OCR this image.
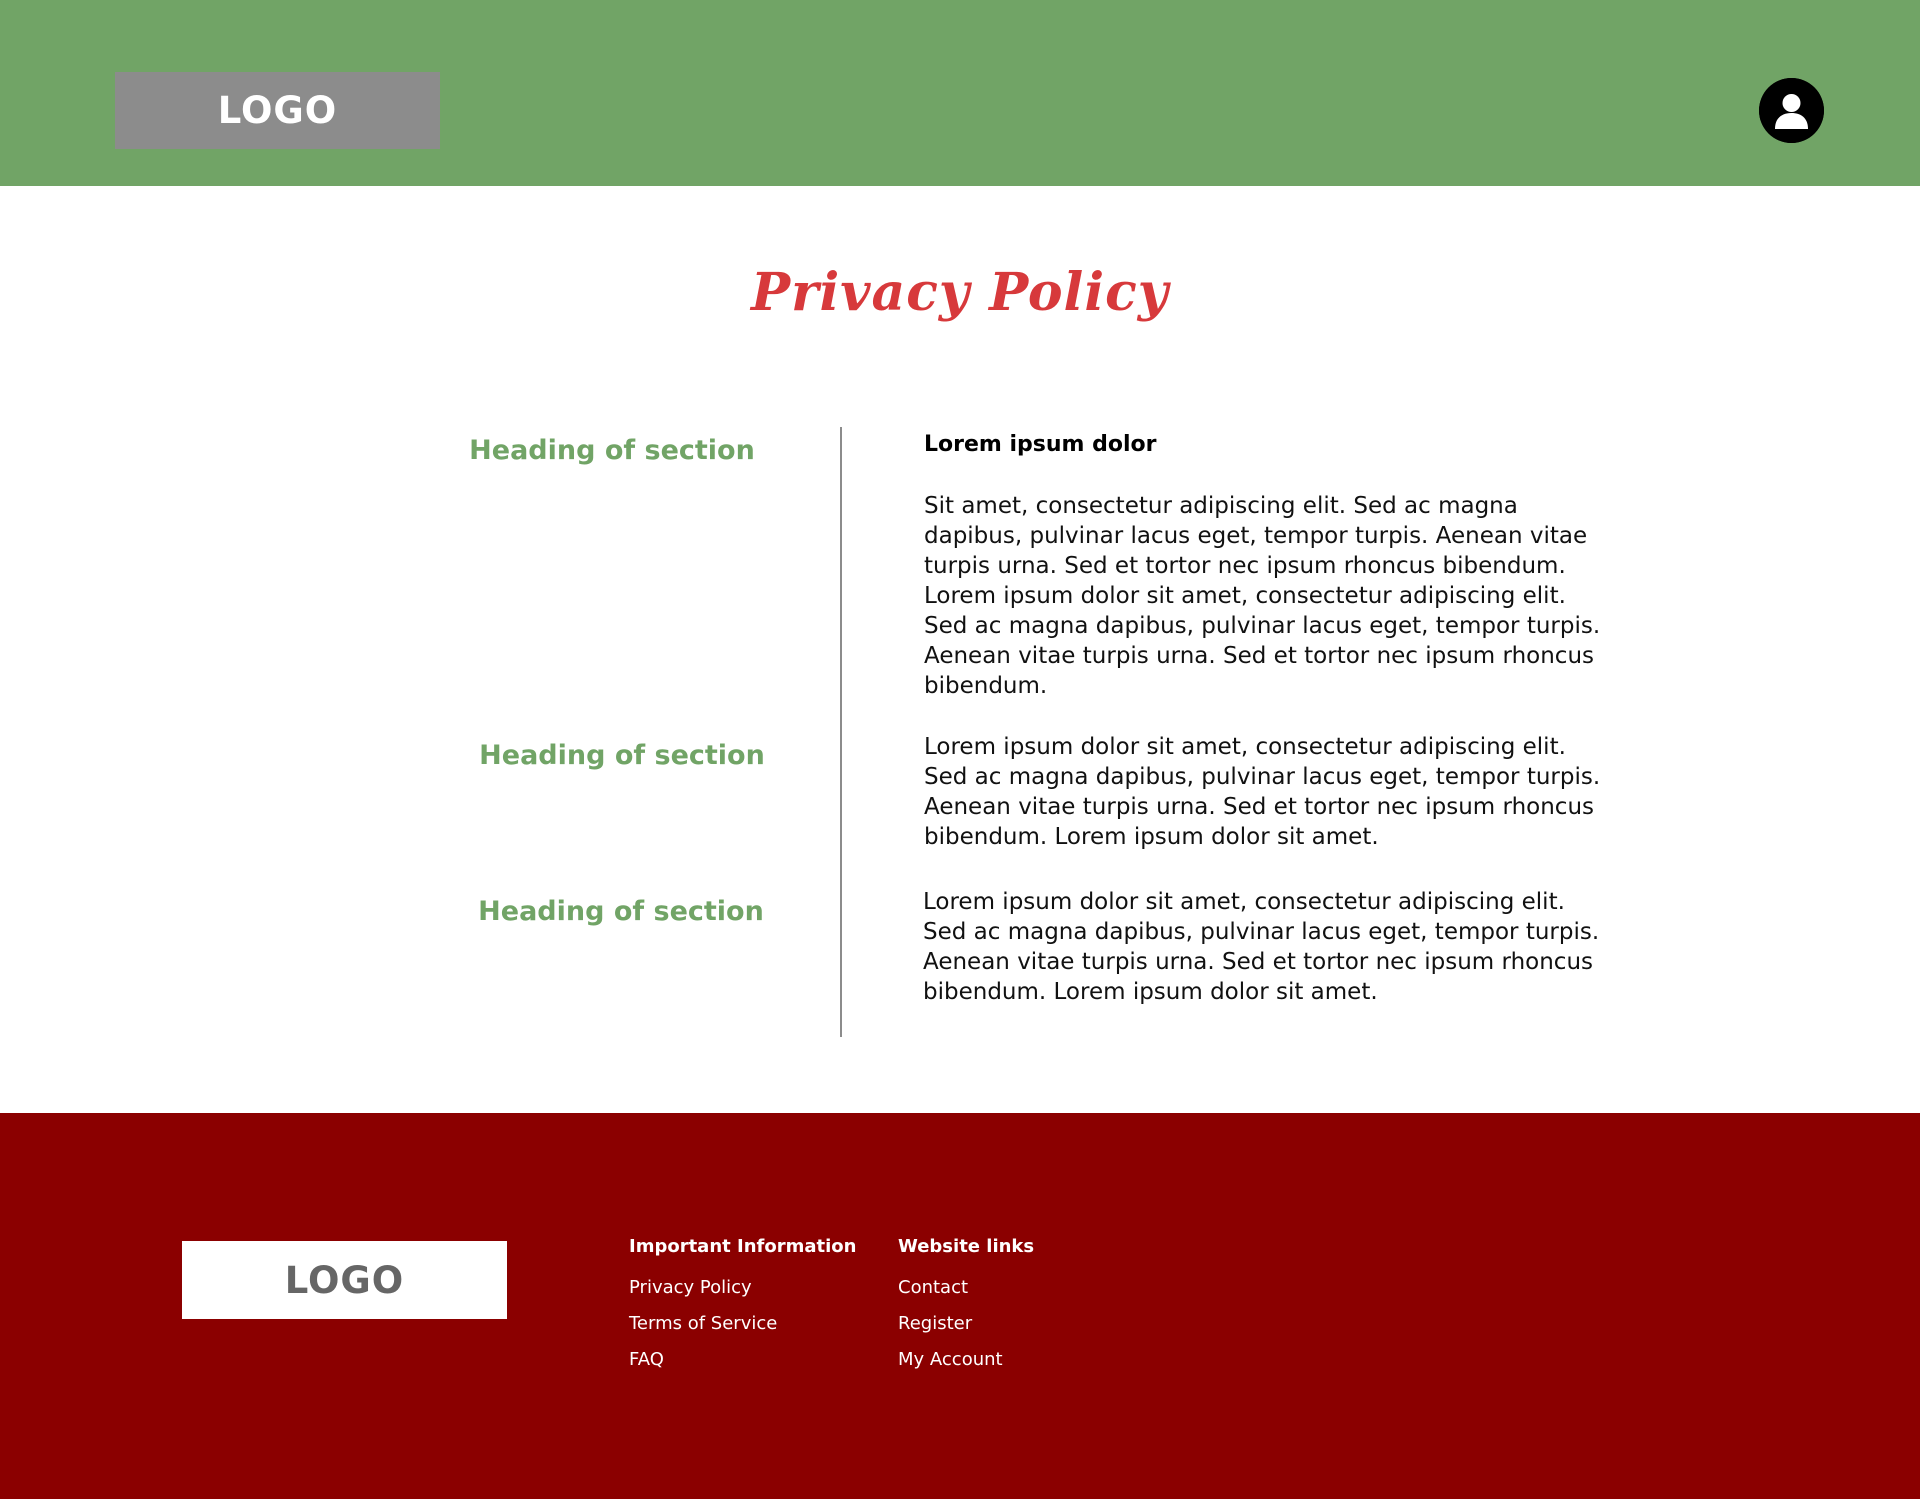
LOGO
Privacy Policy
Heading of section
Heading of section
Heading of section
Lorem ipsum dolor
Sit amet, consectetur adipiscing elit. Sed ac magna dapibus, pulvinar lacus eget, tempor turpis. Aenean vitae turpis urna. Sed et tortor nec ipsum rhoncus bibendum. Lorem ipsum dolor sit amet, consectetur adipiscing elit. Sed ac magna dapibus, pulvinar lacus eget, tempor turpis. Aenean vitae turpis urna. Sed et tortor nec ipsum rhoncus bibendum.
Lorem ipsum dolor sit amet, consectetur adipiscing elit. Sed ac magna dapibus, pulvinar lacus eget, tempor turpis. Aenean vitae turpis urna. Sed et tortor nec ipsum rhoncus bibendum. Lorem ipsum dolor sit amet.
Lorem ipsum dolor sit amet, consectetur adipiscing elit. Sed ac magna dapibus, pulvinar lacus eget, tempor turpis. Aenean vitae turpis urna. Sed et tortor nec ipsum rhoncus bibendum. Lorem ipsum dolor sit amet.
LOGO
Important Information
Privacy Policy
Terms of Service
FAQ
Website links
Contact
Register
My Account
